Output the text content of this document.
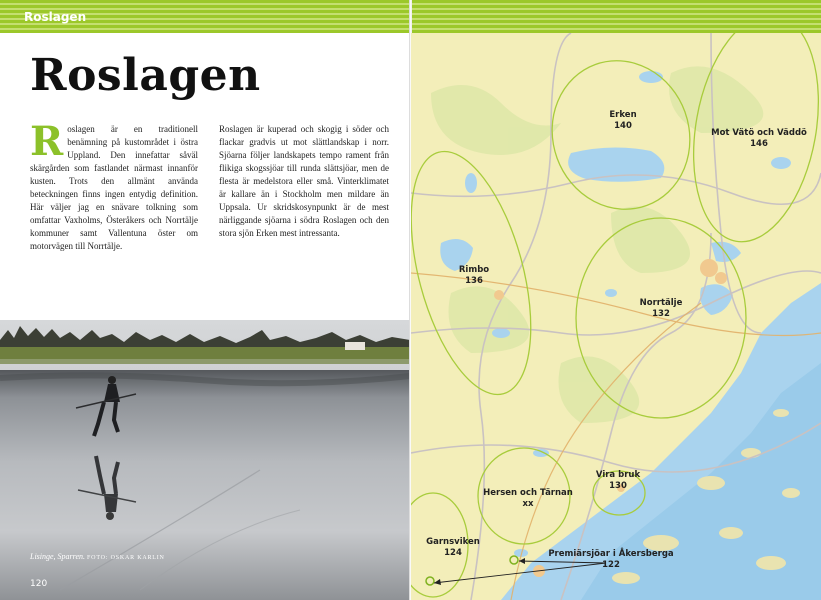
Roslagen
Roslagen
Roslagen är en traditionell benämning på kustområdet i östra Uppland. Den innefattar såväl skärgården som fastlandet närmast innanför kusten. Trots den allmänt använda beteckningen finns ingen entydig definition. Här väljer jag en snävare tolkning som omfattar Vaxholms, Österåkers och Norrtälje kommuner samt Vallentuna öster om motorvägen till Norrtälje.
Roslagen är kuperad och skogig i söder och flackar gradvis ut mot slättlandskap i norr. Sjöarna följer landskapets tempo rament från flikiga skogssjöar till runda slättsjöar, men de flesta är medelstora eller små. Vinterklimatet är kallare än i Stockholm men mildare än Uppsala. Ur skridskosynpunkt är de mest närliggande sjöarna i södra Roslagen och den stora sjön Erken mest intressanta.
Lisinge, Sparren. FOTO: OSKAR KARLIN
120
Erken
140
Mot Vätö och Väddö
146
Rimbo
136
Norrtälje
132
Vira bruk
130
Hersen och Tärnan
xx
Garnsviken
124	Premiärsjöar i Åkersberga
122
